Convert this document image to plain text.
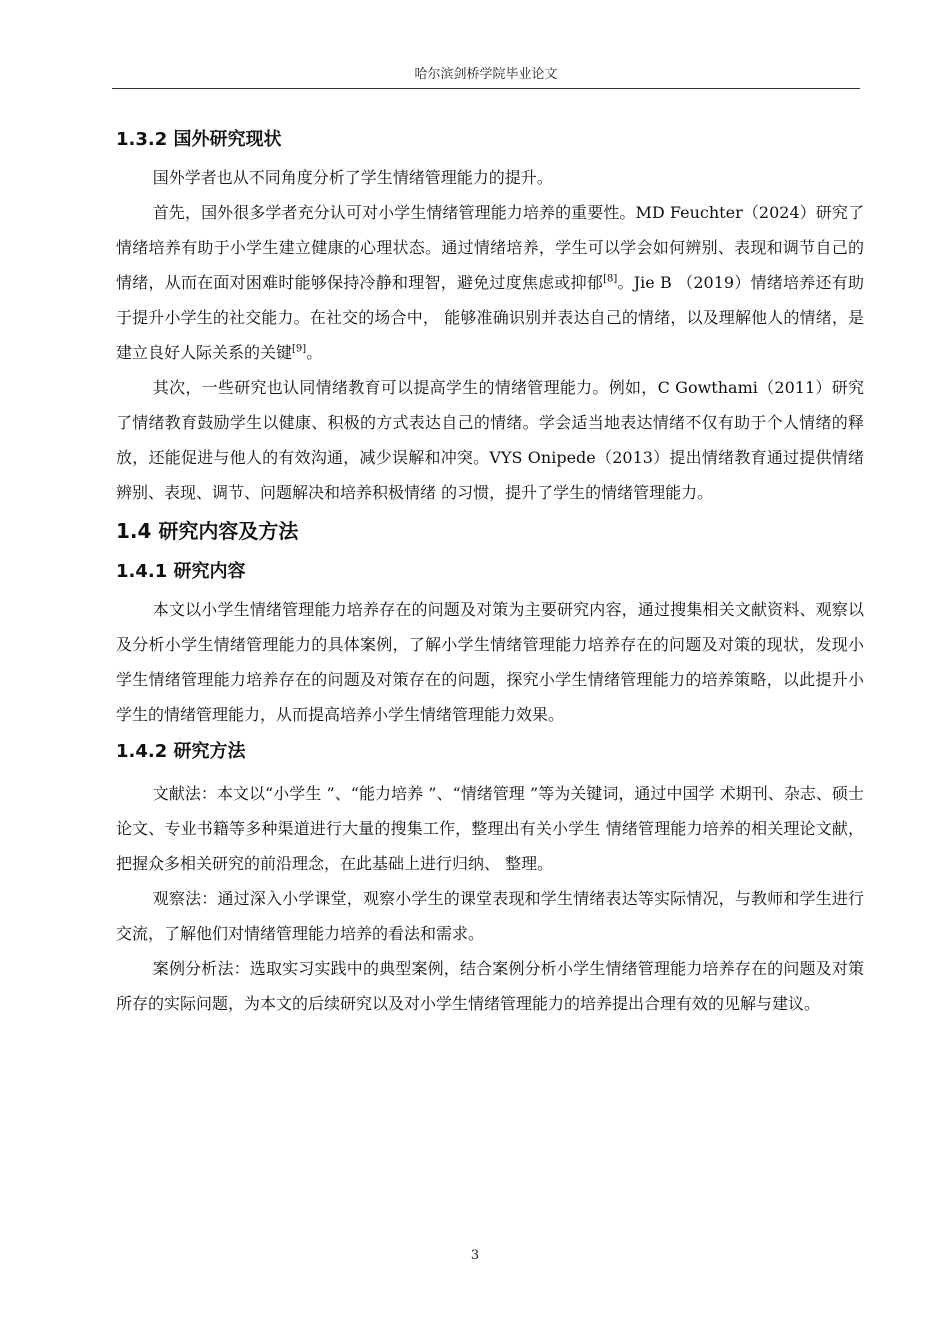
哈尔滨剑桥学院毕业论文
1.3.2 国外研究现状

国外学者也从不同角度分析了学生情绪管理能力的提升。

首先，国外很多学者充分认可对小学生情绪管理能力培养的重要性。MD Feuchter（2024）研究了情绪培养有助于小学生建立健康的心理状态。通过情绪培养，学生可以学会如何辨别、表现和调节自己的情绪，从而在面对困难时能够保持冷静和理智，避免过度焦虑或抑郁[8]。Jie B （2019）情绪培养还有助于提升小学生的社交能力。在社交的场合中， 能够准确识别并表达自己的情绪，以及理解他人的情绪，是建立良好人际关系的关键[9]。

其次，一些研究也认同情绪教育可以提高学生的情绪管理能力。例如，C Gowthami（2011）研究了情绪教育鼓励学生以健康、积极的方式表达自己的情绪。学会适当地表达情绪不仅有助于个人情绪的释放，还能促进与他人的有效沟通，减少误解和冲突。VYS Onipede（2013）提出情绪教育通过提供情绪辨别、表现、调节、问题解决和培养积极情绪 的习惯，提升了学生的情绪管理能力。

1.4 研究内容及方法
1.4.1 研究内容

本文以小学生情绪管理能力培养存在的问题及对策为主要研究内容，通过搜集相关文献资料、观察以及分析小学生情绪管理能力的具体案例，了解小学生情绪管理能力培养存在的问题及对策的现状，发现小学生情绪管理能力培养存在的问题及对策存在的问题，探究小学生情绪管理能力的培养策略，以此提升小学生的情绪管理能力，从而提高培养小学生情绪管理能力效果。

1.4.2 研究方法

文献法：本文以“小学生 ”、“能力培养 ”、“情绪管理 ”等为关键词，通过中国学 术期刊、杂志、硕士论文、专业书籍等多种渠道进行大量的搜集工作，整理出有关小学生 情绪管理能力培养的相关理论文献，把握众多相关研究的前沿理念，在此基础上进行归纳、 整理。

观察法：通过深入小学课堂，观察小学生的课堂表现和学生情绪表达等实际情况，与教师和学生进行交流，了解他们对情绪管理能力培养的看法和需求。

案例分析法：选取实习实践中的典型案例，结合案例分析小学生情绪管理能力培养存在的问题及对策所存的实际问题，为本文的后续研究以及对小学生情绪管理能力的培养提出合理有效的见解与建议。

3
